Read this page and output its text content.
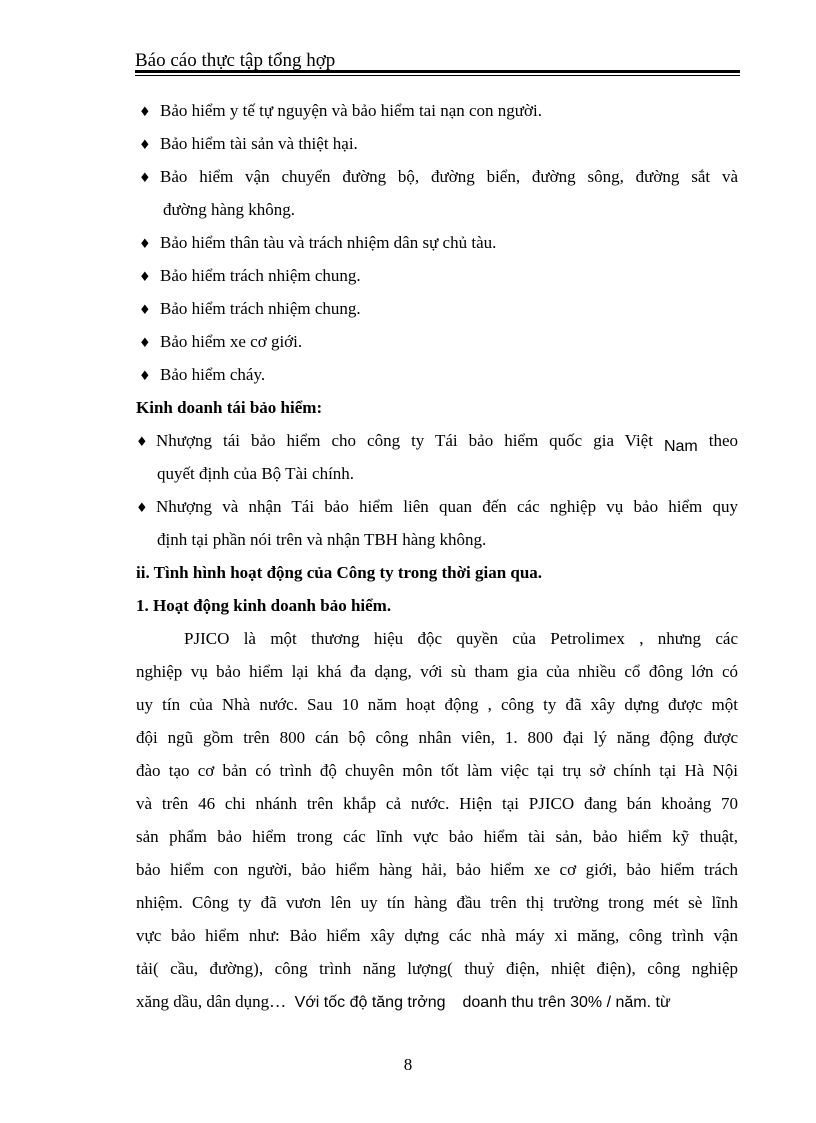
Báo cáo thực tập tổng hợp
♦ Bảo hiểm y tế tự nguyện và bảo hiểm tai nạn con người.
♦ Bảo hiểm tài sản và thiệt hại.
♦ Bảo hiểm vận chuyển đường bộ, đường biển, đường sông, đường sắt và
đường hàng không.
♦ Bảo hiểm thân tàu và trách nhiệm dân sự chủ tàu.
♦ Bảo hiểm trách nhiệm chung.
♦ Bảo hiểm trách nhiệm chung.
♦ Bảo hiểm xe cơ giới.
♦ Bảo hiểm cháy.
Kinh doanh tái bảo hiểm:
♦ Nhượng tái bảo hiểm cho công ty Tái bảo hiểm quốc gia Việt Nam theo
quyết định của Bộ Tài chính.
♦ Nhượng và nhận Tái bảo hiểm liên quan đến các nghiệp vụ bảo hiểm quy
định tại phần nói trên và nhận TBH hàng không.
ii. Tình hình hoạt động của Công ty trong thời gian qua.
1. Hoạt động kinh doanh bảo hiểm.
PJICO là một thương hiệu độc quyền của Petrolimex , nhưng các
nghiệp vụ bảo hiểm lại khá đa dạng, với sù tham gia của nhiều cổ đông lớn có
uy tín của Nhà nước. Sau 10 năm hoạt động , công ty đã xây dựng được một
đội ngũ gồm trên 800 cán bộ công nhân viên, 1. 800 đại lý năng động được
đào tạo cơ bản có trình độ chuyên môn tốt làm việc tại trụ sở chính tại Hà Nội
và trên 46 chi nhánh trên khắp cả nước. Hiện tại PJICO đang bán khoảng 70
sản phẩm bảo hiểm trong các lĩnh vực bảo hiểm tài sản, bảo hiểm kỹ thuật,
bảo hiểm con người, bảo hiểm hàng hải, bảo hiểm xe cơ giới, bảo hiểm trách
nhiệm. Công ty đã vươn lên uy tín hàng đầu trên thị trường trong mét sè lĩnh
vực bảo hiểm như: Bảo hiểm xây dựng các nhà máy xi măng, công trình vận
tải( cầu, đường), công trình năng lượng( thuỷ điện, nhiệt điện), công nghiệp
xăng dầu, dân dụng… Với tốc độ tăng trởng doanh thu trên 30% / năm. từ
8
